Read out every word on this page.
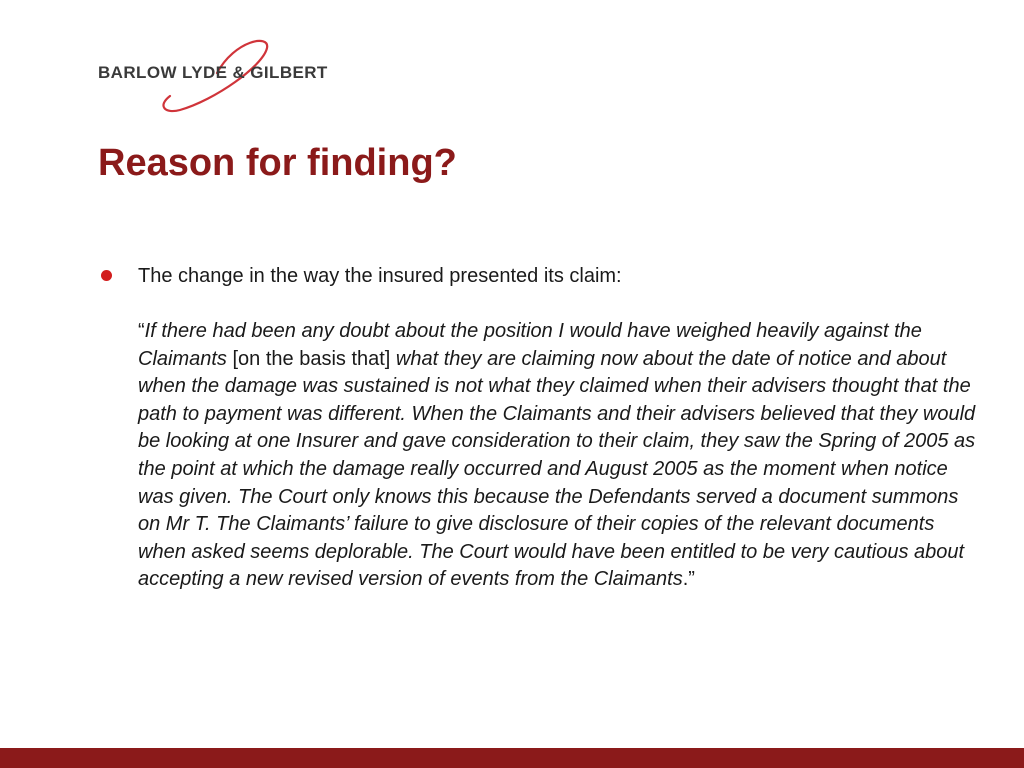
BARLOW LYDE & GILBERT
Reason for finding?

The change in the way the insured presented its claim:

“If there had been any doubt about the position I would have weighed heavily against the Claimants [on the basis that] what they are claiming now about the date of notice and about when the damage was sustained is not what they claimed when their advisers thought that the path to payment was different. When the Claimants and their advisers believed that they would be looking at one Insurer and gave consideration to their claim, they saw the Spring of 2005 as the point at which the damage really occurred and August 2005 as the moment when notice was given. The Court only knows this because the Defendants served a document summons on Mr T. The Claimants’ failure to give disclosure of their copies of the relevant documents when asked seems deplorable. The Court would have been entitled to be very cautious about accepting a new revised version of events from the Claimants.”
